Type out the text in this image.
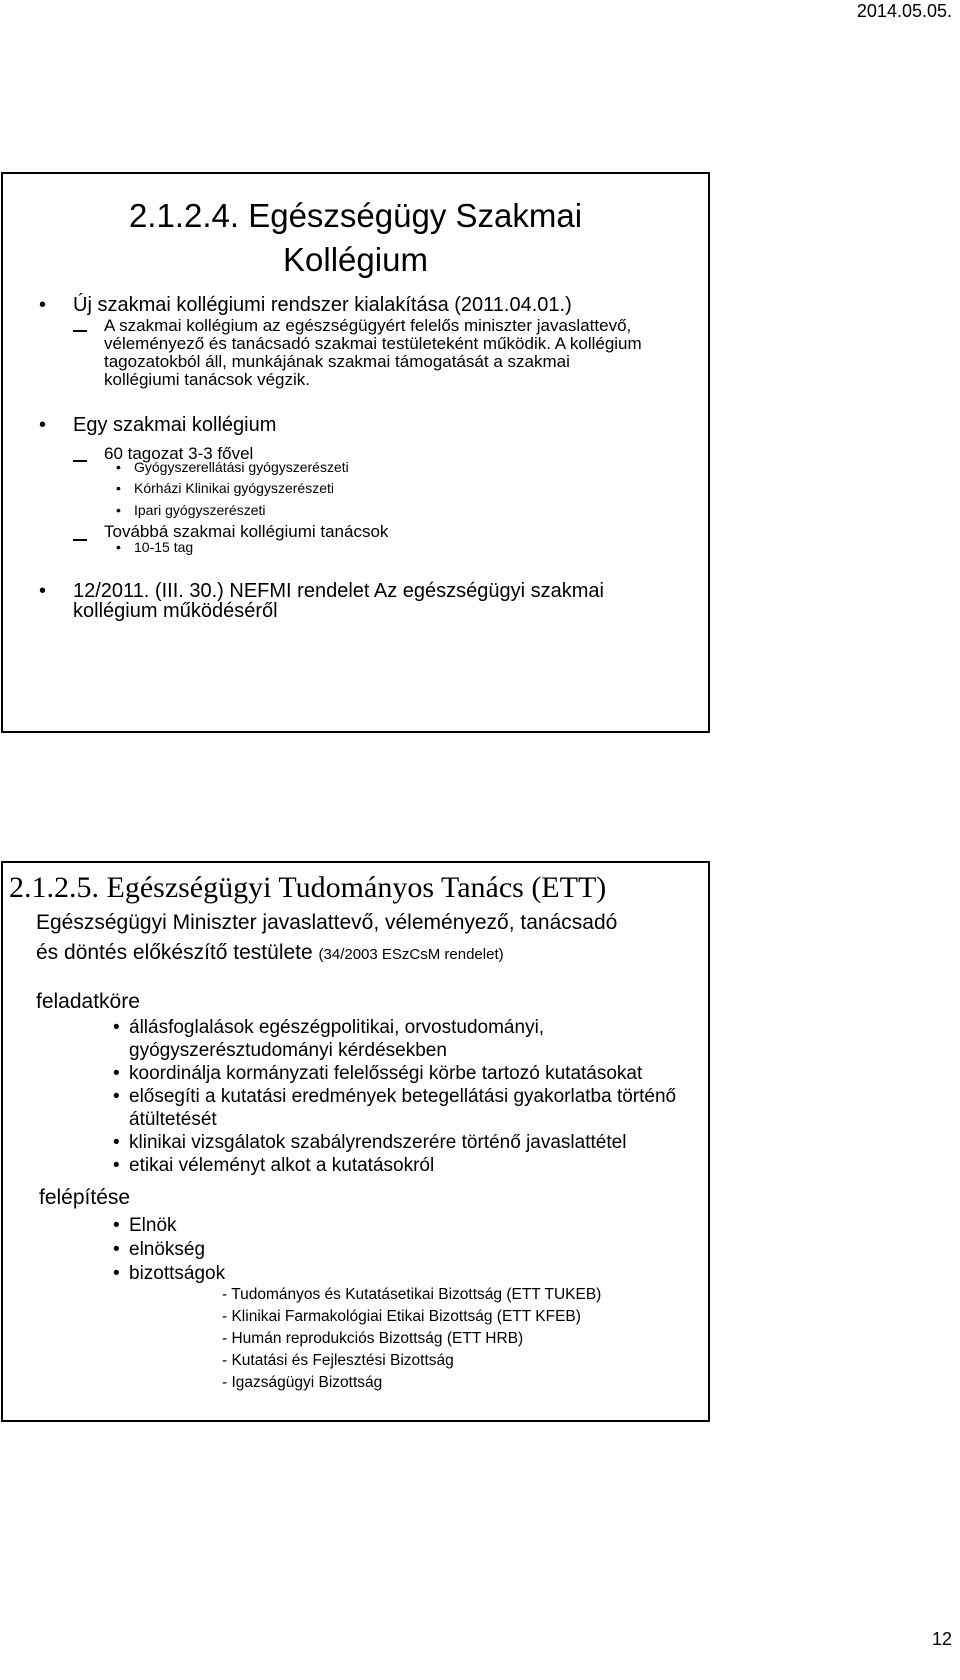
2014.05.05.
2.1.2.4. Egészségügy Szakmai
Kollégium
• Új szakmai kollégiumi rendszer kialakítása (2011.04.01.)
A szakmai kollégium az egészségügyért felelős miniszter javaslattevő,
véleményező és tanácsadó szakmai testületeként működik. A kollégium
tagozatokból áll, munkájának szakmai támogatását a szakmai
kollégiumi tanácsok végzik.
• Egy szakmai kollégium
60 tagozat 3-3 fővel
• Gyógyszerellátási gyógyszerészeti
• Kórházi Klinikai gyógyszerészeti
• Ipari gyógyszerészeti
Továbbá szakmai kollégiumi tanácsok
• 10-15 tag
• 12/2011. (III. 30.) NEFMI rendelet Az egészségügyi szakmai
kollégium működéséről
2.1.2.5. Egészségügyi Tudományos Tanács (ETT)
Egészségügyi Miniszter javaslattevő, véleményező, tanácsadó
és döntés előkészítő testülete (34/2003 ESzCsM rendelet)
feladatköre
• állásfoglalások egészégpolitikai, orvostudományi,
gyógyszerésztudományi kérdésekben
• koordinálja kormányzati felelősségi körbe tartozó kutatásokat
• elősegíti a kutatási eredmények betegellátási gyakorlatba történő
átültetését
• klinikai vizsgálatok szabályrendszerére történő javaslattétel
• etikai véleményt alkot a kutatásokról
felépítése
• Elnök
• elnökség
• bizottságok
- Tudományos és Kutatásetikai Bizottság (ETT TUKEB)
- Klinikai Farmakológiai Etikai Bizottság (ETT KFEB)
- Humán reprodukciós Bizottság (ETT HRB)
- Kutatási és Fejlesztési Bizottság
- Igazságügyi Bizottság
12
